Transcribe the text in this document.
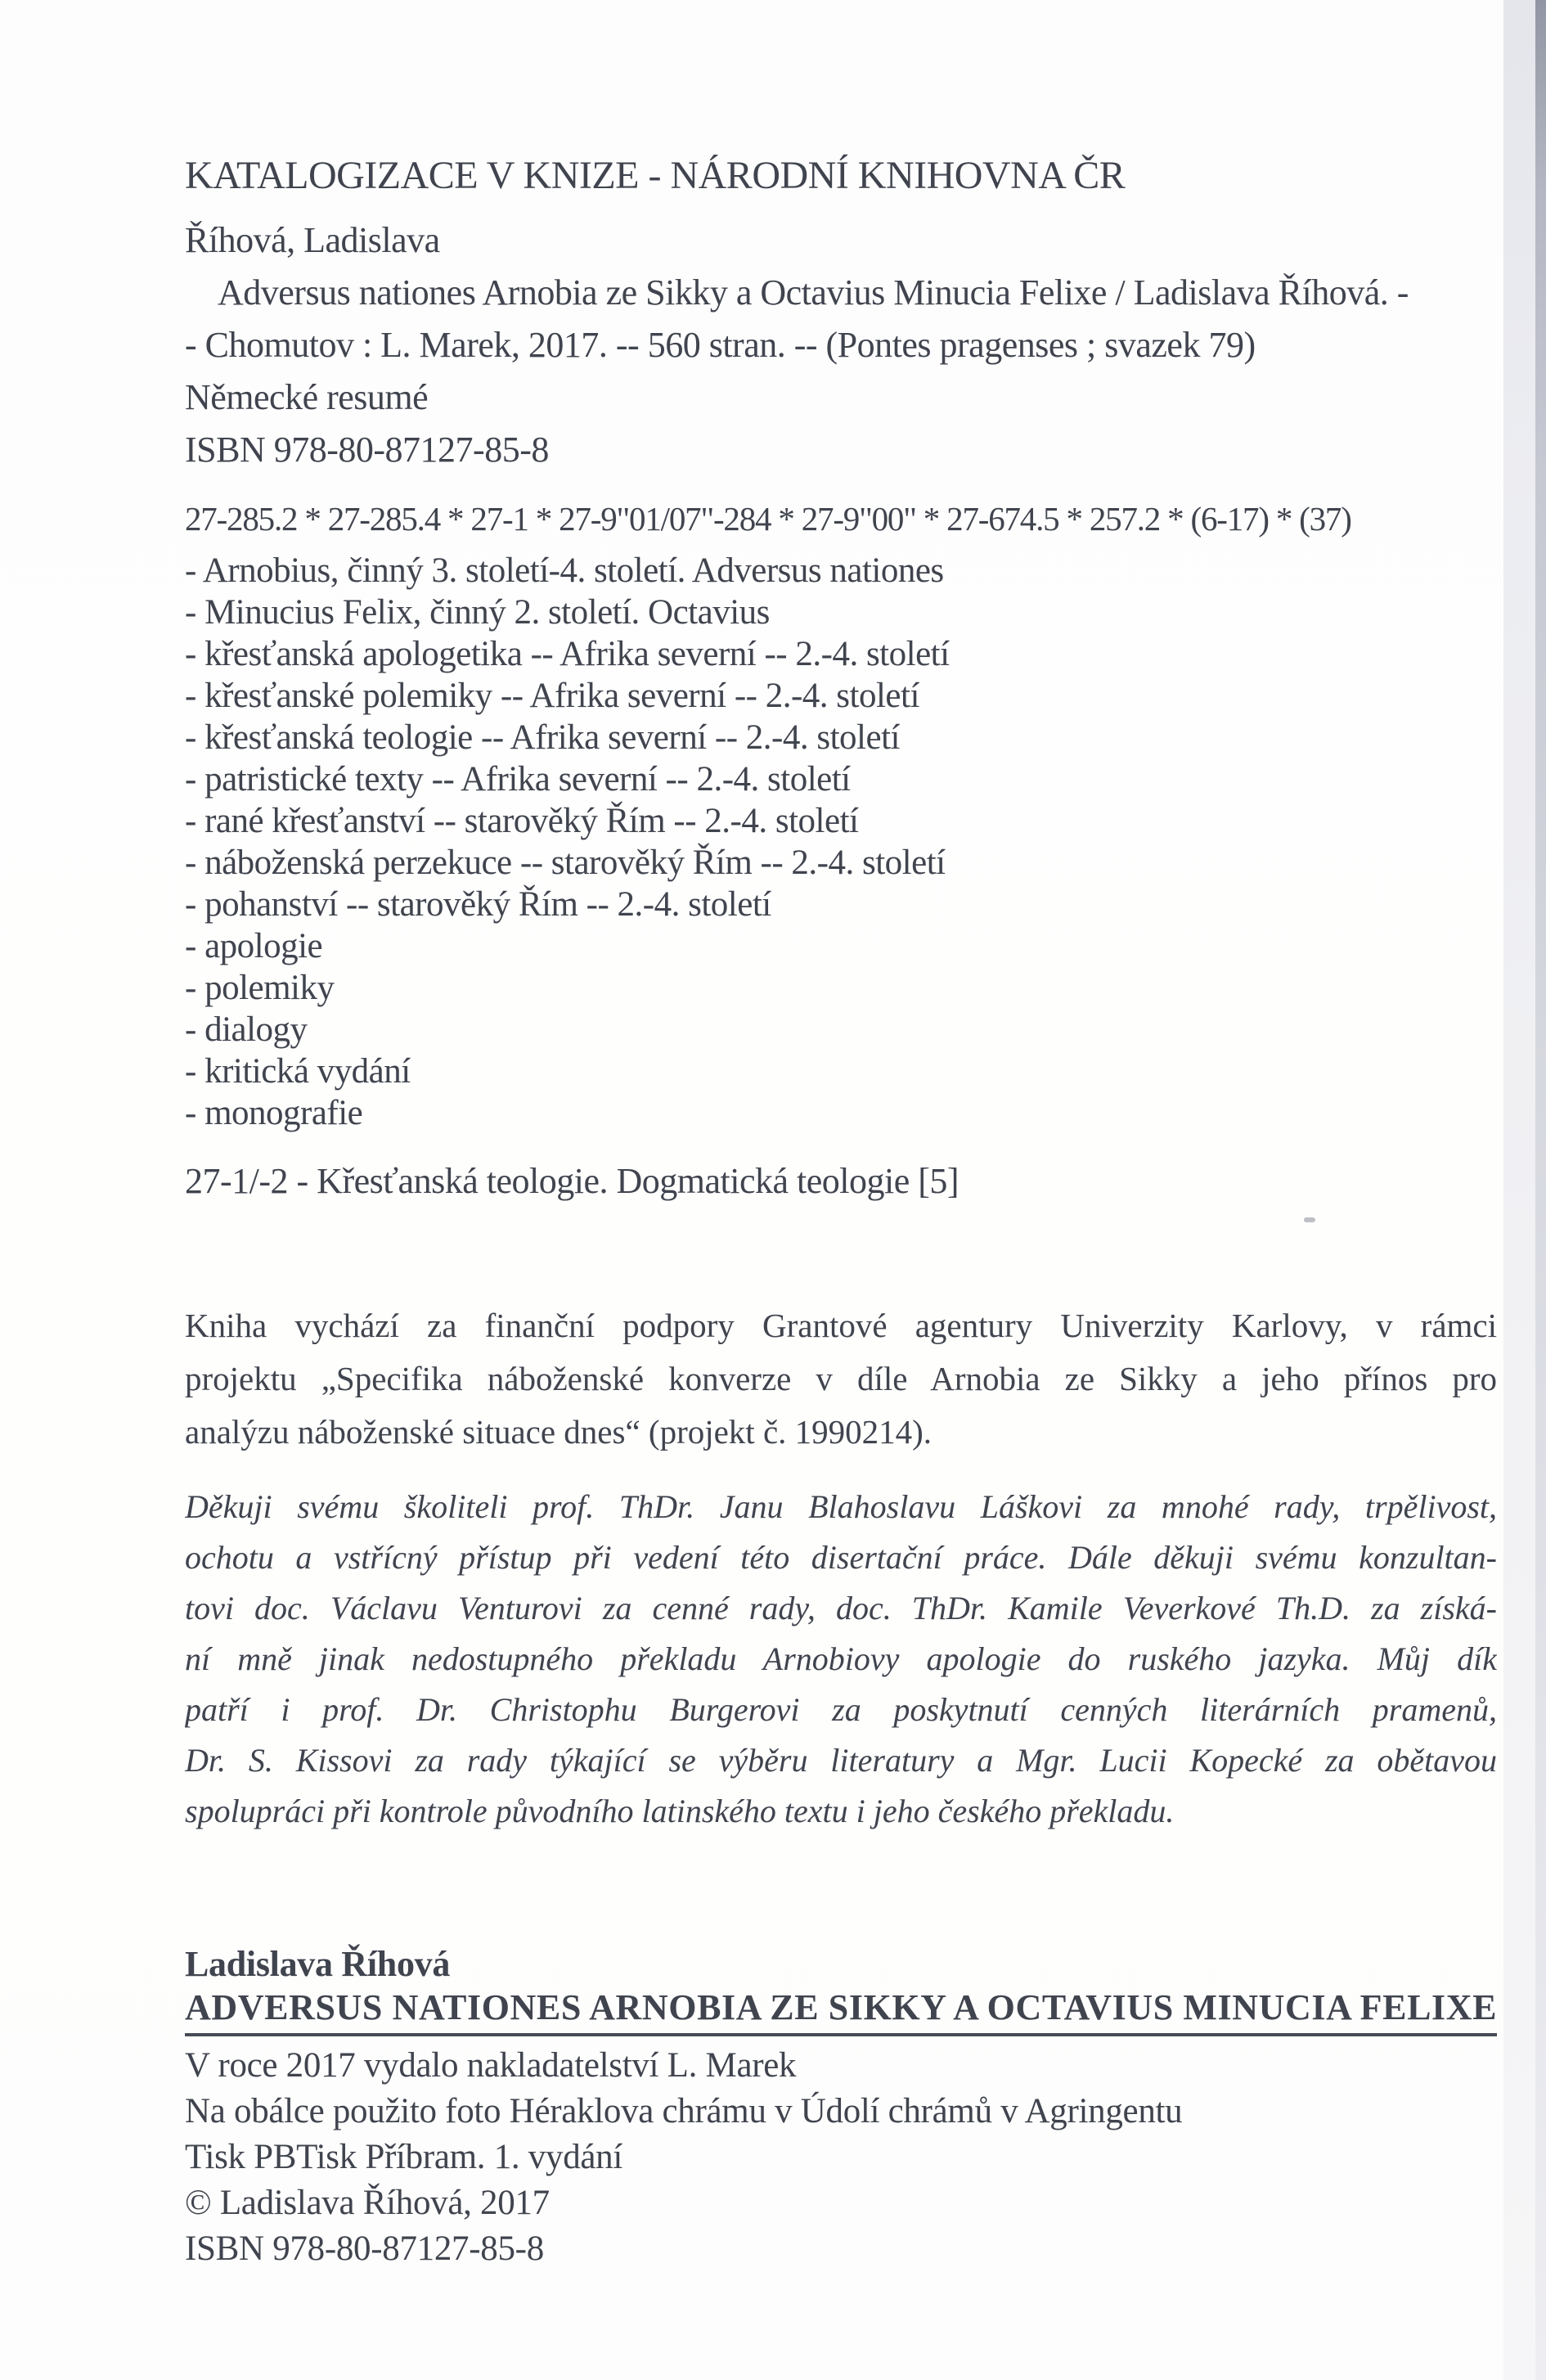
KATALOGIZACE V KNIZE - NÁRODNÍ KNIHOVNA ČR
Říhová, Ladislava
Adversus nationes Arnobia ze Sikky a Octavius Minucia Felixe / Ladislava Říhová. -
- Chomutov : L. Marek, 2017. -- 560 stran. -- (Pontes pragenses ; svazek 79)
Německé resumé
ISBN 978-80-87127-85-8
27-285.2 * 27-285.4 * 27-1 * 27-9"01/07"-284 * 27-9"00" * 27-674.5 * 257.2 * (6-17) * (37)
- Arnobius, činný 3. století-4. století. Adversus nationes
- Minucius Felix, činný 2. století. Octavius
- křesťanská apologetika -- Afrika severní -- 2.-4. století
- křesťanské polemiky -- Afrika severní -- 2.-4. století
- křesťanská teologie -- Afrika severní -- 2.-4. století
- patristické texty -- Afrika severní -- 2.-4. století
- rané křesťanství -- starověký Řím -- 2.-4. století
- náboženská perzekuce -- starověký Řím -- 2.-4. století
- pohanství -- starověký Řím -- 2.-4. století
- apologie
- polemiky
- dialogy
- kritická vydání
- monografie
27-1/-2 - Křesťanská teologie. Dogmatická teologie [5]
Kniha vychází za finanční podpory Grantové agentury Univerzity Karlovy, v rámci
projektu „Specifika náboženské konverze v díle Arnobia ze Sikky a jeho přínos pro
analýzu náboženské situace dnes“ (projekt č. 1990214).
Děkuji svému školiteli prof. ThDr. Janu Blahoslavu Láškovi za mnohé rady, trpělivost,
ochotu a vstřícný přístup při vedení této disertační práce. Dále děkuji svému konzultan-
tovi doc. Václavu Venturovi za cenné rady, doc. ThDr. Kamile Veverkové Th.D. za získá-
ní mně jinak nedostupného překladu Arnobiovy apologie do ruského jazyka. Můj dík
patří i prof. Dr. Christophu Burgerovi za poskytnutí cenných literárních pramenů,
Dr. S. Kissovi za rady týkající se výběru literatury a Mgr. Lucii Kopecké za obětavou
spolupráci při kontrole původního latinského textu i jeho českého překladu.
Ladislava Říhová
ADVERSUS NATIONES ARNOBIA ZE SIKKY A OCTAVIUS MINUCIA FELIXE
V roce 2017 vydalo nakladatelství L. Marek
Na obálce použito foto Héraklova chrámu v Údolí chrámů v Agringentu
Tisk PBTisk Příbram. 1. vydání
© Ladislava Říhová, 2017
ISBN 978-80-87127-85-8
